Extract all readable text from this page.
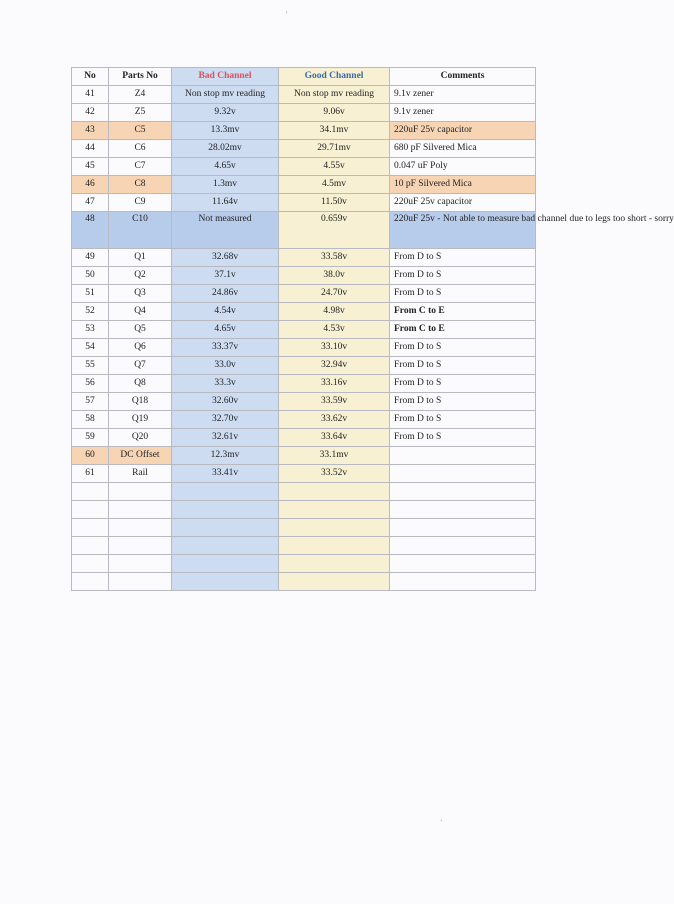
No	Parts No	Bad Channel	Good Channel	Comments
41	Z4	Non stop mv reading	Non stop mv reading	9.1v zener
42	Z5	9.32v	9.06v	9.1v zener
43	C5	13.3mv	34.1mv	220uF 25v capacitor
44	C6	28.02mv	29.71mv	680 pF Silvered Mica
45	C7	4.65v	4.55v	0.047 uF Poly
46	C8	1.3mv	4.5mv	10 pF Silvered Mica
47	C9	11.64v	11.50v	220uF 25v capacitor
48	C10	Not measured	0.659v	220uF 25v - Not able to measure bad channel due to legs too short - sorry
49	Q1	32.68v	33.58v	From D to S
50	Q2	37.1v	38.0v	From D to S
51	Q3	24.86v	24.70v	From D to S
52	Q4	4.54v	4.98v	From C to E
53	Q5	4.65v	4.53v	From C to E
54	Q6	33.37v	33.10v	From D to S
55	Q7	33.0v	32.94v	From D to S
56	Q8	33.3v	33.16v	From D to S
57	Q18	32.60v	33.59v	From D to S
58	Q19	32.70v	33.62v	From D to S
59	Q20	32.61v	33.64v	From D to S
60	DC Offset	12.3mv	33.1mv	
61	Rail	33.41v	33.52v	

'
ˏ
